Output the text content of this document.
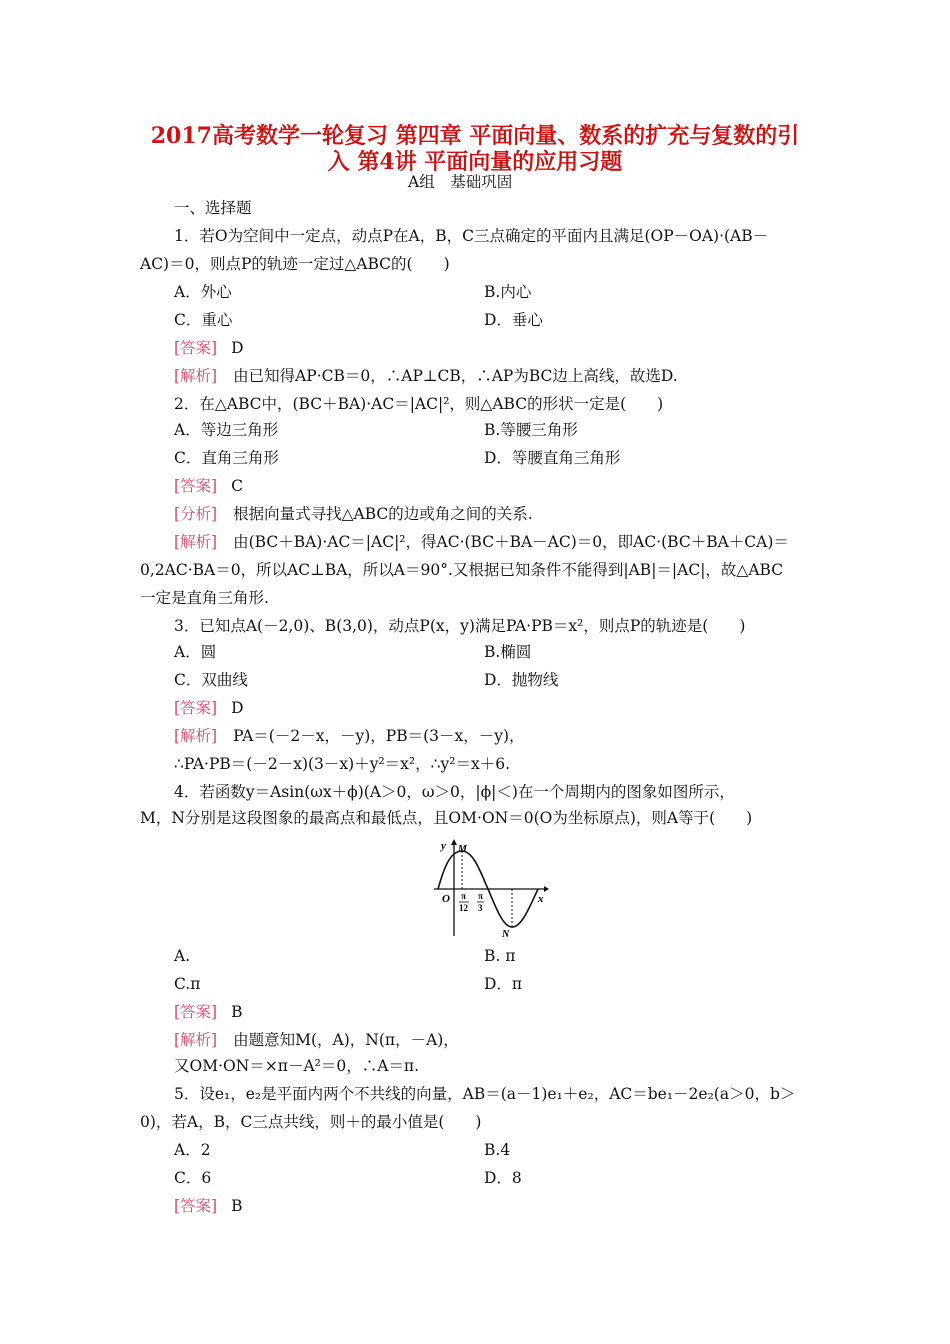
2017高考数学一轮复习 第四章 平面向量、数系的扩充与复数的引
入 第4讲 平面向量的应用习题
A组　基础巩固
一、选择题
1．若O为空间中一定点，动点P在A，B，C三点确定的平面内且满足(OP－OA)·(AB－
AC)＝0，则点P的轨迹一定过△ABC的(　　)
A．外心	B.内心
C．重心	D．垂心
[答案] D
[解析] 由已知得AP·CB＝0，∴AP⊥CB，∴AP为BC边上高线，故选D.
2．在△ABC中，(BC＋BA)·AC＝|AC|²，则△ABC的形状一定是(　　)
A．等边三角形	B.等腰三角形
C．直角三角形	D．等腰直角三角形
[答案] C
[分析] 根据向量式寻找△ABC的边或角之间的关系.
[解析] 由(BC＋BA)·AC＝|AC|²，得AC·(BC＋BA－AC)＝0，即AC·(BC＋BA＋CA)＝
0,2AC·BA＝0，所以AC⊥BA，所以A＝90°.又根据已知条件不能得到|AB|＝|AC|，故△ABC
一定是直角三角形.
3．已知点A(－2,0)、B(3,0)，动点P(x，y)满足PA·PB＝x²，则点P的轨迹是(　　)
A．圆	B.椭圆
C．双曲线	D．抛物线
[答案] D
[解析] PA＝(－2－x，－y)，PB＝(3－x，－y)，
∴PA·PB＝(－2－x)(3－x)＋y²＝x²，∴y²＝x＋6.
4．若函数y＝Asin(ωx＋ϕ)(A＞0，ω＞0，|ϕ|＜)在一个周期内的图象如图所示，
M，N分别是这段图象的最高点和最低点，且OM·ON＝0(O为坐标原点)，则A等于(　　)
y
x
O
M
N
π
12
π
3
A.	B. π
C.π	D．π
[答案] B
[解析] 由题意知M(，A)，N(π，－A)，
又OM·ON＝×π－A²＝0，∴A＝π.
5．设e₁，e₂是平面内两个不共线的向量，AB＝(a－1)e₁＋e₂，AC＝be₁－2e₂(a＞0，b＞
0)，若A，B，C三点共线，则＋的最小值是(　　)
A．2	B.4
C．6	D．8
[答案] B
